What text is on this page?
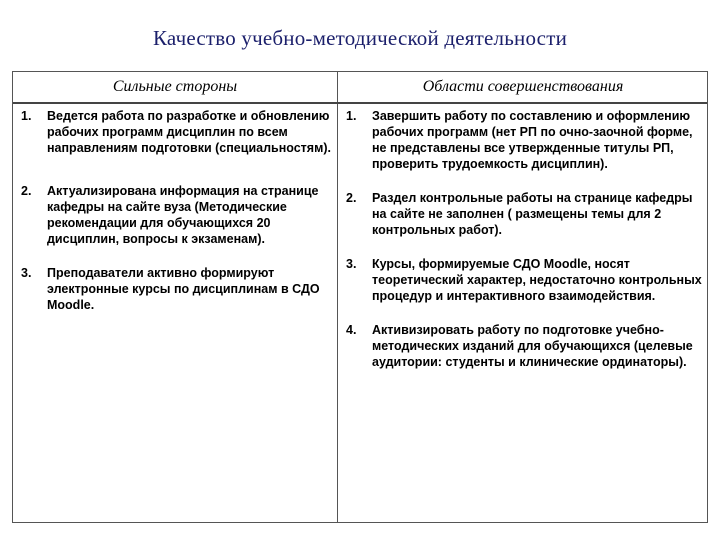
Качество учебно-методической деятельности
Сильные стороны	Области совершенствования
1. Ведется работа по разработке и обновлению рабочих программ дисциплин по всем направлениям подготовки (специальностям).
2. Актуализирована информация на странице кафедры на сайте вуза (Методические рекомендации для обучающихся 20 дисциплин, вопросы к экзаменам).
3. Преподаватели активно формируют электронные курсы по дисциплинам в СДО Moodle.
1. Завершить работу по составлению и оформлению рабочих программ (нет РП по очно-заочной форме, не представлены все утвержденные титулы РП, проверить трудоемкость дисциплин).
2. Раздел контрольные работы на странице кафедры на сайте не заполнен ( размещены темы для 2 контрольных работ).
3. Курсы, формируемые СДО Moodle, носят теоретический характер, недостаточно контрольных процедур и интерактивного взаимодействия.
4. Активизировать работу по подготовке учебно-методических изданий для обучающихся (целевые аудитории: студенты и клинические ординаторы).
